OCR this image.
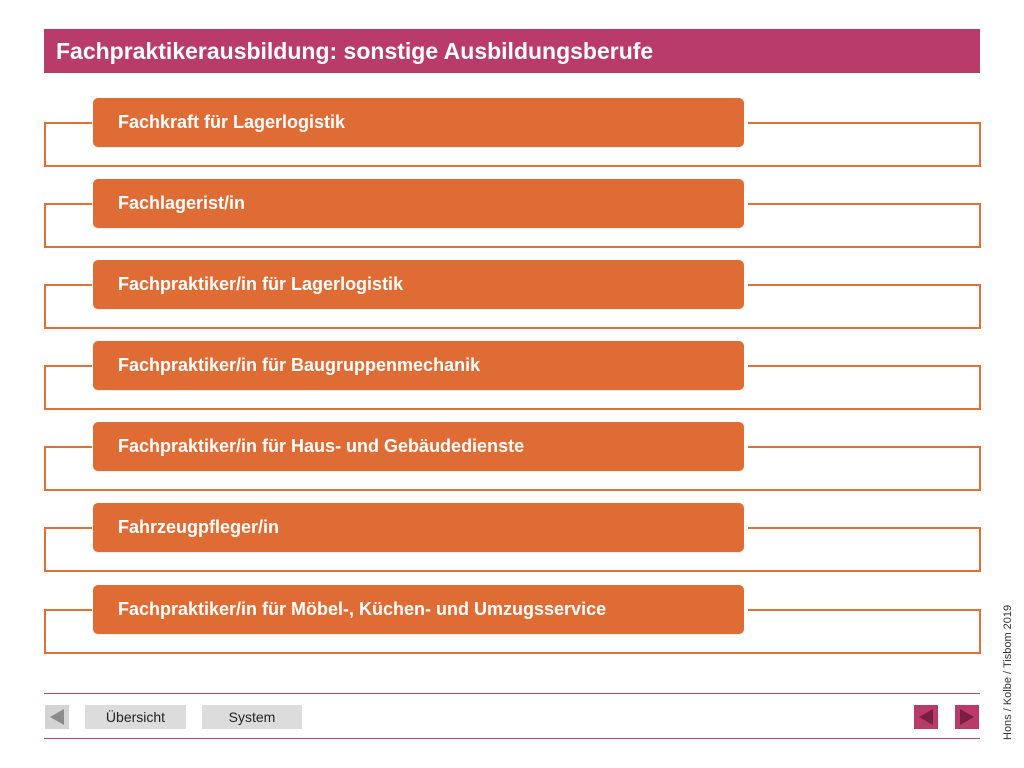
Fachpraktikerausbildung: sonstige Ausbildungsberufe
Fachkraft für Lagerlogistik
Fachlagerist/in
Fachpraktiker/in für Lagerlogistik
Fachpraktiker/in für Baugruppenmechanik
Fachpraktiker/in für Haus- und Gebäudedienste
Fahrzeugpfleger/in
Fachpraktiker/in für Möbel-, Küchen- und Umzugsservice
Übersicht	System	Hons / Kolbe / Tisbom 2019
